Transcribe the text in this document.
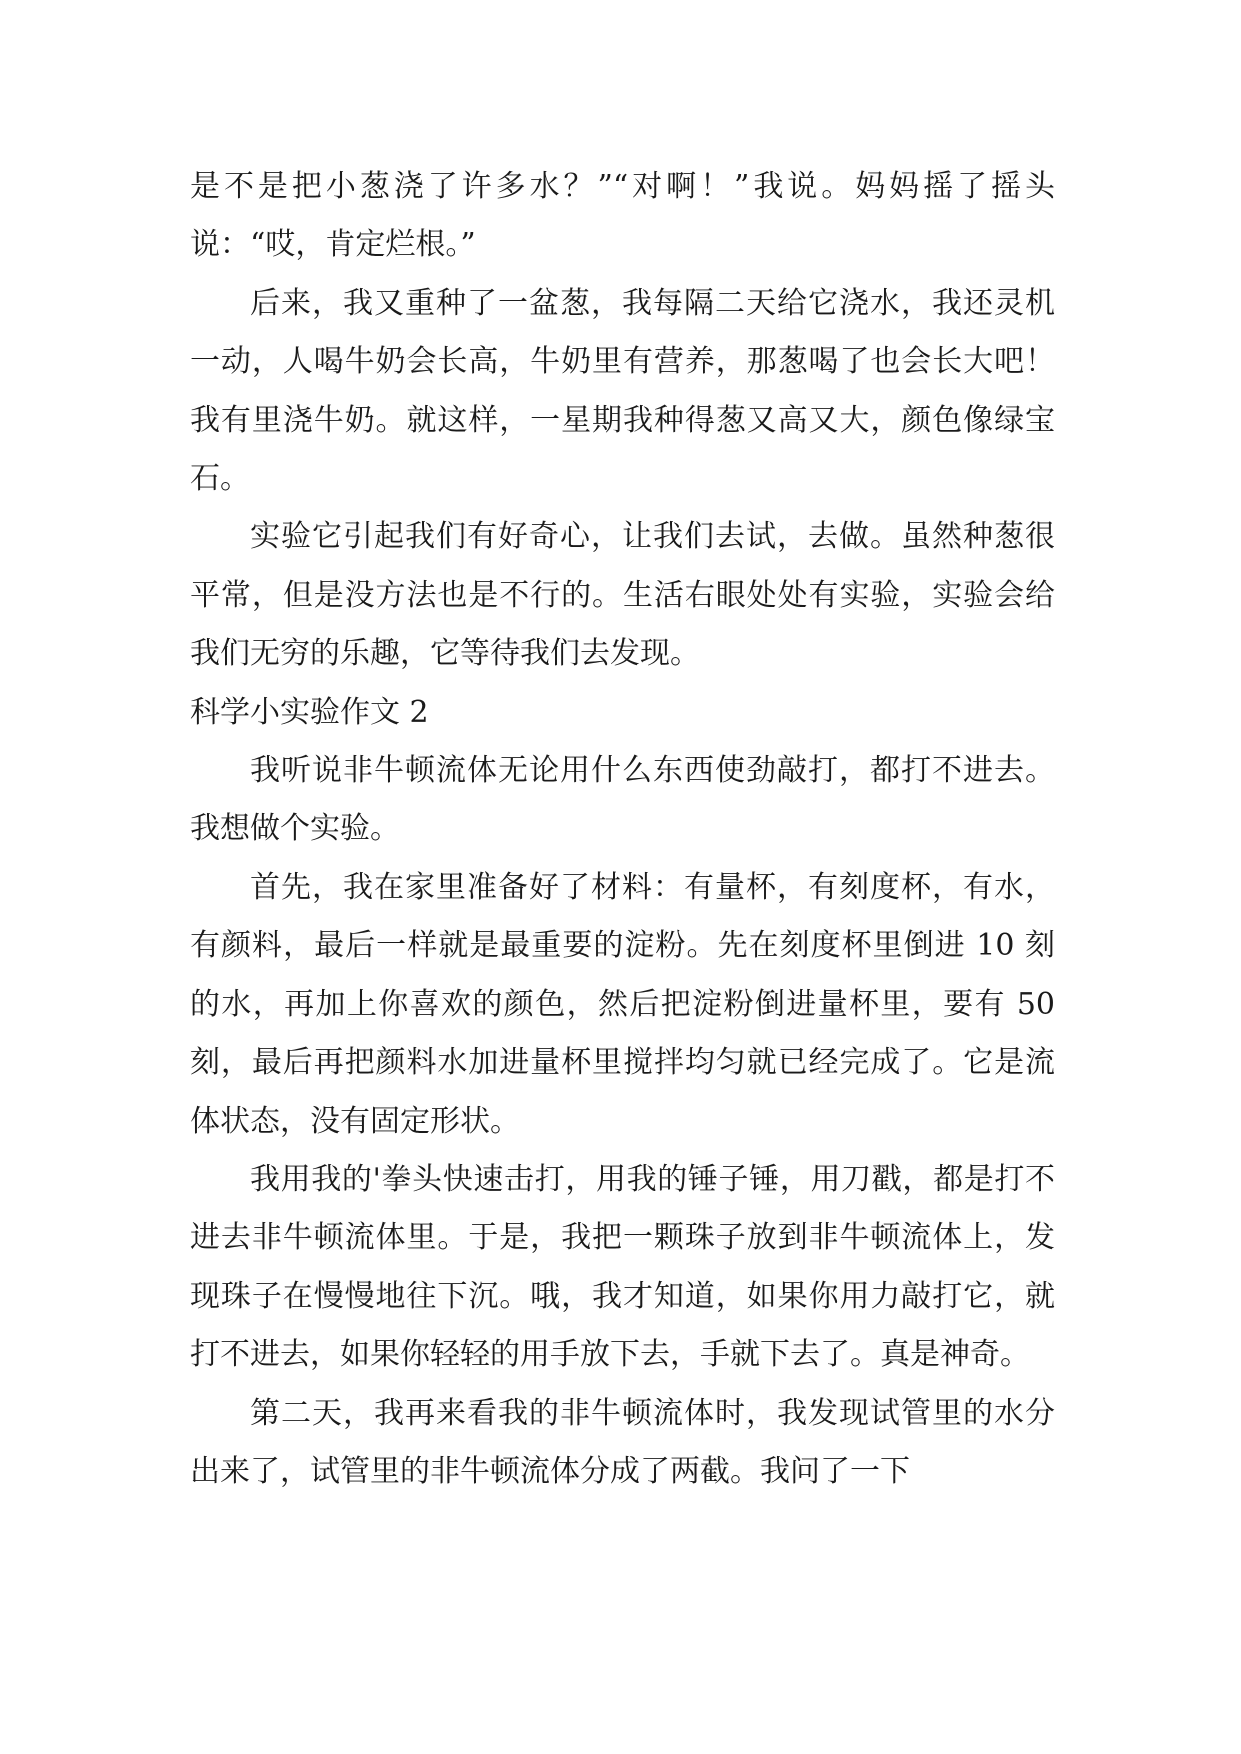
是不是把小葱浇了许多水？”“对啊！”我说。妈妈摇了摇头说：“哎，肯定烂根。”

后来，我又重种了一盆葱，我每隔二天给它浇水，我还灵机一动，人喝牛奶会长高，牛奶里有营养，那葱喝了也会长大吧！我有里浇牛奶。就这样，一星期我种得葱又高又大，颜色像绿宝石。

实验它引起我们有好奇心，让我们去试，去做。虽然种葱很平常，但是没方法也是不行的。生活右眼处处有实验，实验会给我们无穷的乐趣，它等待我们去发现。

科学小实验作文 2

我听说非牛顿流体无论用什么东西使劲敲打，都打不进去。我想做个实验。

首先，我在家里准备好了材料：有量杯，有刻度杯，有水，有颜料，最后一样就是最重要的淀粉。先在刻度杯里倒进 10 刻的水，再加上你喜欢的颜色，然后把淀粉倒进量杯里，要有 50 刻，最后再把颜料水加进量杯里搅拌均匀就已经完成了。它是流体状态，没有固定形状。

我用我的'拳头快速击打，用我的锤子锤，用刀戳，都是打不进去非牛顿流体里。于是，我把一颗珠子放到非牛顿流体上，发现珠子在慢慢地往下沉。哦，我才知道，如果你用力敲打它，就打不进去，如果你轻轻的用手放下去，手就下去了。真是神奇。

第二天，我再来看我的非牛顿流体时，我发现试管里的水分出来了，试管里的非牛顿流体分成了两截。我问了一下
